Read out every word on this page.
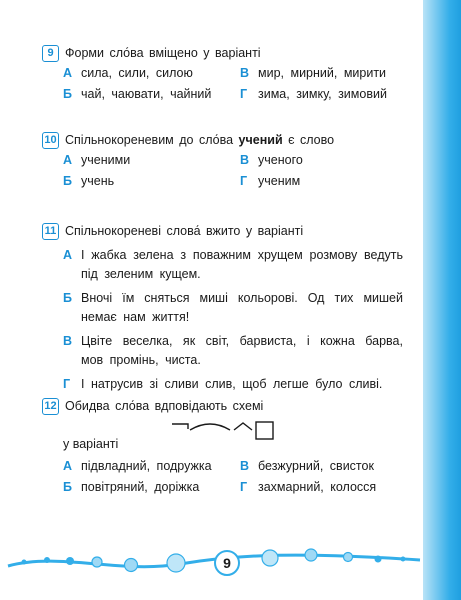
9 Форми сло́ва вміщено у варіанті
А сила, сили, силою	В мир, мирний, мирити
Б чай, чаювати, чайний Г зима, зимку, зимовий
10 Спільнокореневим до сло́ва учений є слово
А ученими	В ученого
Б учень	Г ученим
11 Спільнокореневі слова́ вжито у варіанті
А І жабка зелена з поважним хрущем розмову ведуть під зеленим кущем.
Б Вночі їм сняться миші кольорові. Од тих мишей немає нам життя!
В Цвіте веселка, як світ, барвиста, і кожна барва, мов промінь, чиста.
Г І натрусив зі сливи слив, щоб легше було сливі.
12 Обидва сло́ва вдповідають схемі
у варіанті
А підвладний, подружка В безжурний, свисток
Б повітряний, доріжка	Г захмарний, колосся
9
